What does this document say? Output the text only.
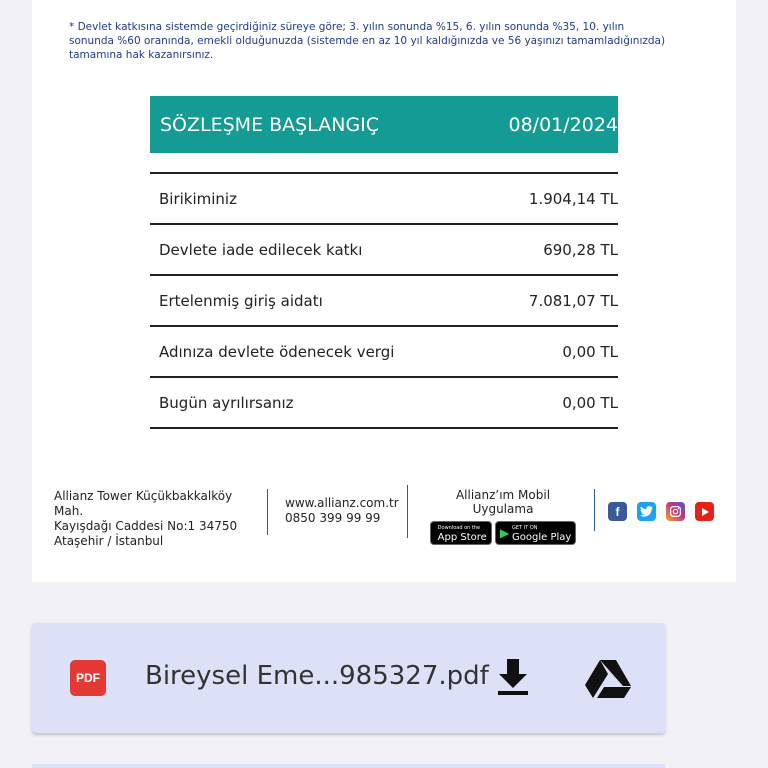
* Devlet katkısına sistemde geçirdiğiniz süreye göre; 3. yılın sonunda %15, 6. yılın sonunda %35, 10. yılın sonunda %60 oranında, emekli olduğunuzda (sistemde en az 10 yıl kaldığınızda ve 56 yaşınızı tamamladığınızda) tamamına hak kazanırsınız.
SÖZLEŞME BAŞLANGIÇ	08/01/2024
Birikiminiz	1.904,14 TL
Devlete iade edilecek katkı	690,28 TL
Ertelenmiş giriş aidatı	7.081,07 TL
Adınıza devlete ödenecek vergi	0,00 TL
Bugün ayrılırsanız	0,00 TL
Allianz Tower Küçükbakkalköy Mah.
Kayışdağı Caddesi No:1 34750
Ataşehir / İstanbul
www.allianz.com.tr
0850 399 99 99
Allianz’ım Mobil Uygulama
Download on the
App Store ▶ GET IT ON
Google Play
f
PDF Bireysel Eme...985327.pdf
